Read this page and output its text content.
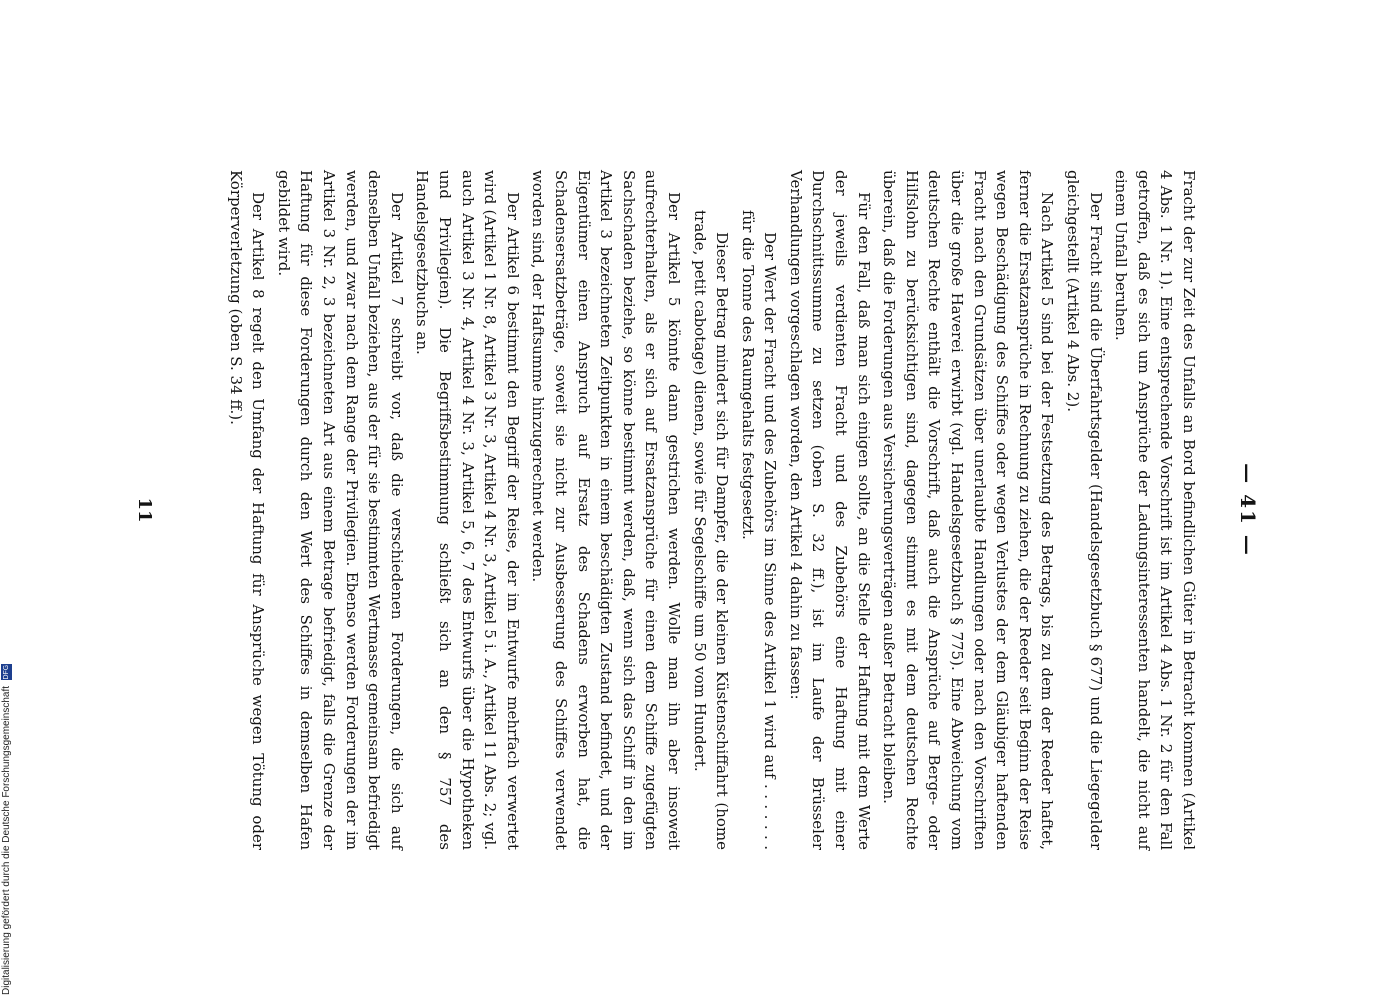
— 41 —

Fracht der zur Zeit des Unfalls an Bord befindlichen Güter in Betracht kommen (Artikel 4 Abs. 1 Nr. 1). Eine entsprechende Vorschrift ist im Artikel 4 Abs. 1 Nr. 2 für den Fall getroffen, daß es sich um Ansprüche der Ladungsinteressenten handelt, die nicht auf einem Unfall beruhen.

Der Fracht sind die Überfahrtsgelder (Handelsgesetzbuch § 677) und die Liegegelder gleichgestellt (Artikel 4 Abs. 2).

Nach Artikel 5 sind bei der Festsetzung des Betrags, bis zu dem der Reeder haftet, ferner die Ersatzansprüche in Rechnung zu ziehen, die der Reeder seit Beginn der Reise wegen Beschädigung des Schiffes oder wegen Verlustes der dem Gläubiger haftenden Fracht nach den Grundsätzen über unerlaubte Handlungen oder nach den Vorschriften über die große Haverei erwirbt (vgl. Handelsgesetzbuch § 775). Eine Abweichung vom deutschen Rechte enthält die Vorschrift, daß auch die Ansprüche auf Berge- oder Hilfslohn zu berücksichtigen sind, dagegen stimmt es mit dem deutschen Rechte überein, daß die Forderungen aus Versicherungsverträgen außer Betracht bleiben.

Für den Fall, daß man sich einigen sollte, an die Stelle der Haftung mit dem Werte der jeweils verdienten Fracht und des Zubehörs eine Haftung mit einer Durchschnittssumme zu setzen (oben S. 32 ff.), ist im Laufe der Brüsseler Verhandlungen vorgeschlagen worden, den Artikel 4 dahin zu fassen:

Der Wert der Fracht und des Zubehörs im Sinne des Artikel 1 wird auf . . . . . . . für die Tonne des Raumgehalts festgesetzt.

Dieser Betrag mindert sich für Dampfer, die der kleinen Küstenschiffahrt (home trade, petit cabotage) dienen, sowie für Segelschiffe um 50 vom Hundert.

Der Artikel 5 könnte dann gestrichen werden. Wolle man ihn aber insoweit aufrechterhalten, als er sich auf Ersatzansprüche für einen dem Schiffe zugefügten Sachschaden beziehe, so könne bestimmt werden, daß, wenn sich das Schiff in den im Artikel 3 bezeichneten Zeitpunkten in einem beschädigten Zustand befindet, und der Eigentümer einen Anspruch auf Ersatz des Schadens erworben hat, die Schadensersatzbeträge, soweit sie nicht zur Ausbesserung des Schiffes verwendet worden sind, der Haftsumme hinzugerechnet werden.

Der Artikel 6 bestimmt den Begriff der Reise, der im Entwurfe mehrfach verwertet wird (Artikel 1 Nr. 8, Artikel 3 Nr. 3, Artikel 4 Nr. 3, Artikel 5 i. A., Artikel 11 Abs. 2; vgl. auch Artikel 3 Nr. 4, Artikel 4 Nr. 3, Artikel 5, 6, 7 des Entwurfs über die Hypotheken und Privilegien). Die Begriffsbestimmung schließt sich an den § 757 des Handelsgesetzbuchs an.

Der Artikel 7 schreibt vor, daß die verschiedenen Forderungen, die sich auf denselben Unfall beziehen, aus der für sie bestimmten Wertmasse gemeinsam befriedigt werden, und zwar nach dem Range der Privilegien. Ebenso werden Forderungen der im Artikel 3 Nr. 2, 3 bezeichneten Art aus einem Betrage befriedigt, falls die Grenze der Haftung für diese Forderungen durch den Wert des Schiffes in demselben Hafen gebildet wird.

Der Artikel 8 regelt den Umfang der Haftung für Ansprüche wegen Tötung oder Körperverletzung (oben S. 34 ff.).

11
Digitalisierung gefördert durch die Deutsche Forschungsgemeinschaft DFG
